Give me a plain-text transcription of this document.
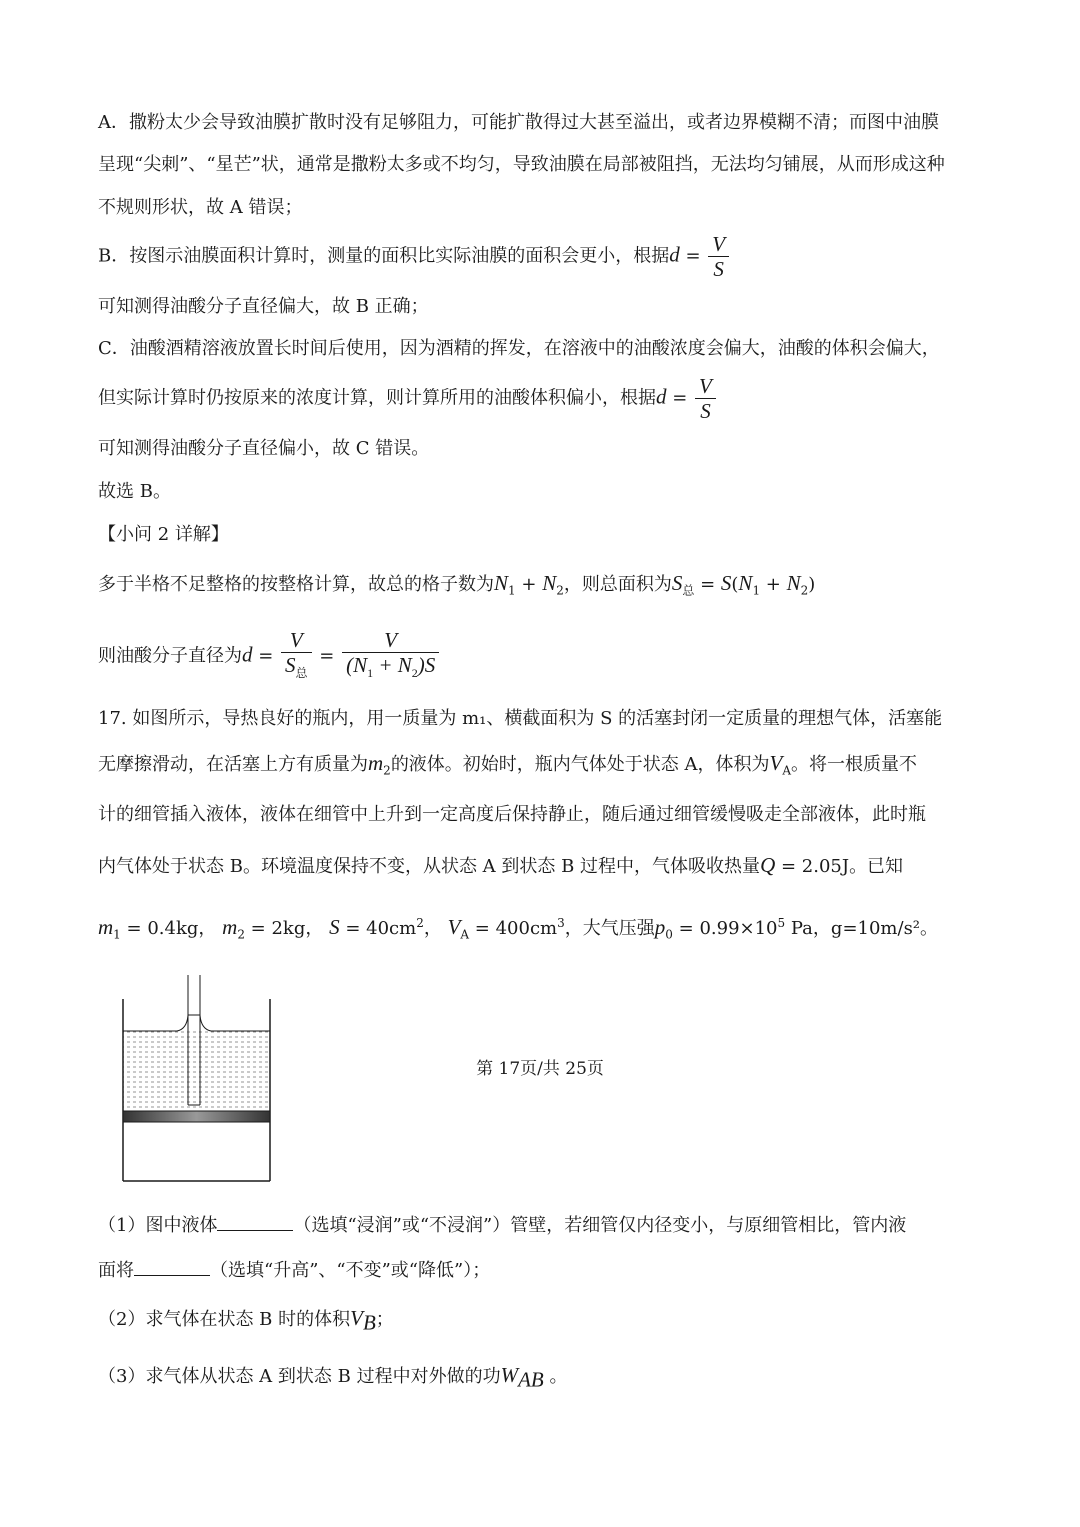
A．撒粉太少会导致油膜扩散时没有足够阻力，可能扩散得过大甚至溢出，或者边界模糊不清；而图中油膜
呈现“尖刺”、“星芒”状，通常是撒粉太多或不均匀，导致油膜在局部被阻挡，无法均匀铺展，从而形成这种
不规则形状，故 A 错误；
B．按图示油膜面积计算时，测量的面积比实际油膜的面积会更小，根据$d = \frac{V}{S}$
可知测得油酸分子直径偏大，故 B 正确；
C．油酸酒精溶液放置长时间后使用，因为酒精的挥发，在溶液中的油酸浓度会偏大，油酸的体积会偏大，
但实际计算时仍按原来的浓度计算，则计算所用的油酸体积偏小，根据$d = \frac{V}{S}$
可知测得油酸分子直径偏小，故 C 错误。
故选 B。
【小问 2 详解】
多于半格不足整格的按整格计算，故总的格子数为$N_1 + N_2$，则总面积为$S_总 = S(N_1 + N_2)$
则油酸分子直径为$d = \frac{V}{S_总} = \frac{V}{(N_1 + N_2)S}$
17. 如图所示，导热良好的瓶内，用一质量为 m₁、横截面积为 S 的活塞封闭一定质量的理想气体，活塞能
无摩擦滑动，在活塞上方有质量为$m_2$的液体。初始时，瓶内气体处于状态 A，体积为$V_A$。将一根质量不
计的细管插入液体，液体在细管中上升到一定高度后保持静止，随后通过细管缓慢吸走全部液体，此时瓶
内气体处于状态 B。环境温度保持不变，从状态 A 到状态 B 过程中，气体吸收热量Q = 2.05J。已知
$m_1 = 0.4kg$， $m_2 = 2kg$， $S = 40cm^2$， $V_A = 400cm^3$，大气压强$p_0 = 0.99\times 10^5$ Pa，g=10m/s²。
（1）图中液体	（选填“浸润”或“不浸润”）管壁，若细管仅内径变小，与原细管相比，管内液
面将	（选填“升高”、“不变”或“降低”）；
（2）求气体在状态 B 时的体积$V_B$；
（3）求气体从状态 A 到状态 B 过程中对外做的功$W_{AB}$ 。
第 17页/共 25页
